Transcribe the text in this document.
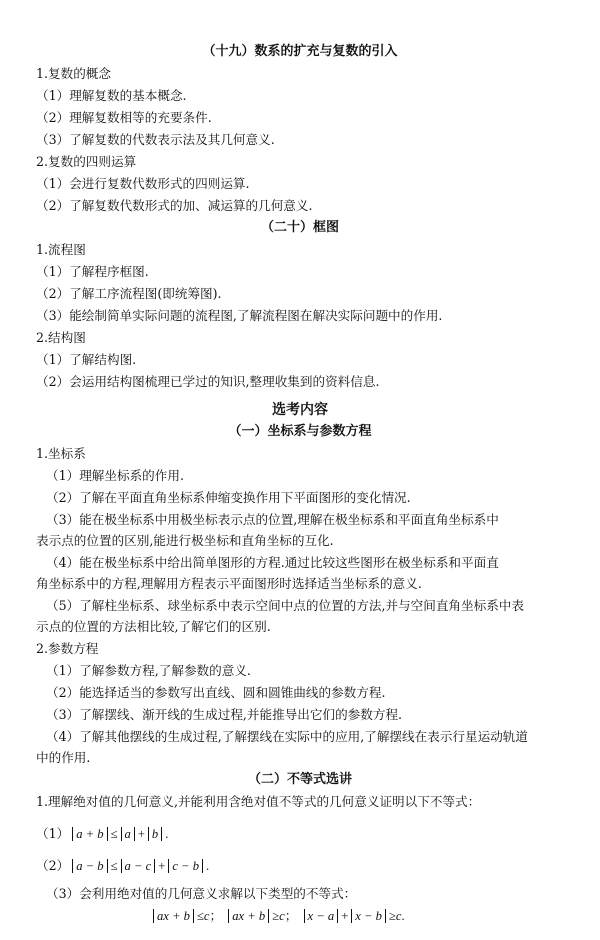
（十九）数系的扩充与复数的引入
1.复数的概念
（1）理解复数的基本概念.
（2）理解复数相等的充要条件.
（3）了解复数的代数表示法及其几何意义.
2.复数的四则运算
（1）会进行复数代数形式的四则运算.
（2）了解复数代数形式的加、减运算的几何意义.
（二十）框图
1.流程图
（1）了解程序框图.
（2）了解工序流程图(即统筹图).
（3）能绘制简单实际问题的流程图,了解流程图在解决实际问题中的作用.
2.结构图
（1）了解结构图.
（2）会运用结构图梳理已学过的知识,整理收集到的资料信息.
选考内容
（一）坐标系与参数方程
1.坐标系
（1）理解坐标系的作用.
（2）了解在平面直角坐标系伸缩变换作用下平面图形的变化情况.
（3）能在极坐标系中用极坐标表示点的位置,理解在极坐标系和平面直角坐标系中
表示点的位置的区别,能进行极坐标和直角坐标的互化.
（4）能在极坐标系中给出简单图形的方程.通过比较这些图形在极坐标系和平面直
角坐标系中的方程,理解用方程表示平面图形时选择适当坐标系的意义.
（5）了解柱坐标系、球坐标系中表示空间中点的位置的方法,并与空间直角坐标系中表
示点的位置的方法相比较,了解它们的区别.
2.参数方程
（1）了解参数方程,了解参数的意义.
（2）能选择适当的参数写出直线、圆和圆锥曲线的参数方程.
（3）了解摆线、渐开线的生成过程,并能推导出它们的参数方程.
（4）了解其他摆线的生成过程,了解摆线在实际中的应用,了解摆线在表示行星运动轨道
中的作用.
（二）不等式选讲
1.理解绝对值的几何意义,并能利用含绝对值不等式的几何意义证明以下不等式：
（1） a + b ≤ a + b .
（2） a − b ≤ a − c + c − b .
（3）会利用绝对值的几何意义求解以下类型的不等式：
ax + b ≤c； ax + b ≥c； x − a + x − b ≥c.
